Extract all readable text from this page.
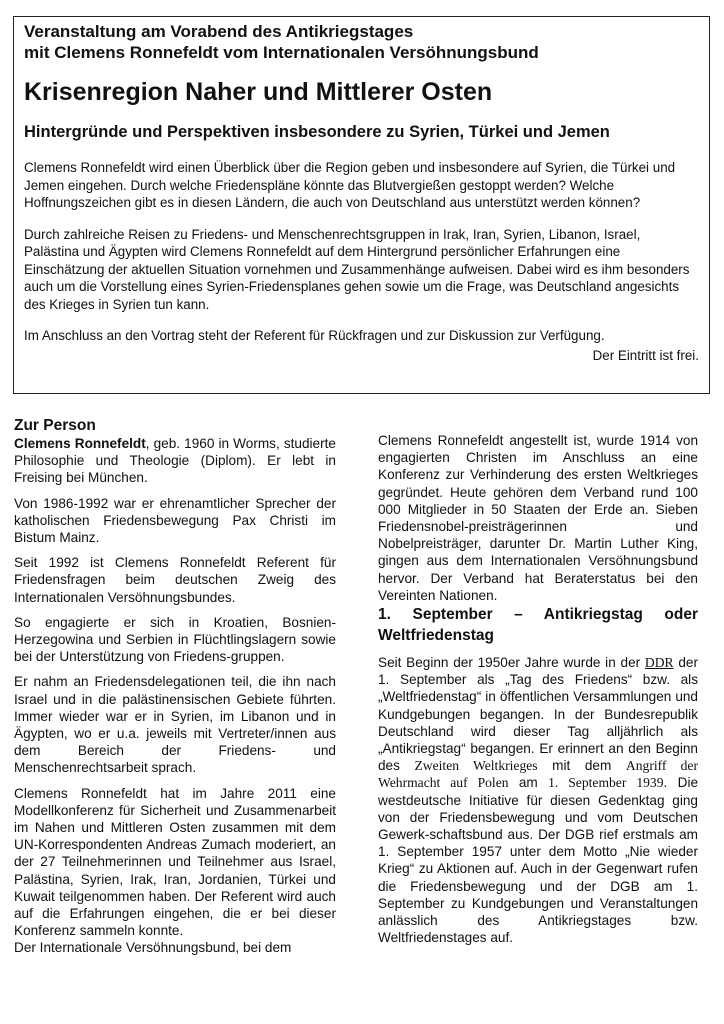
Veranstaltung am Vorabend des Antikriegstages

mit Clemens Ronnefeldt vom Internationalen Versöhnungsbund

Krisenregion Naher und Mittlerer Osten

Hintergründe und Perspektiven insbesondere zu Syrien, Türkei und Jemen

Clemens Ronnefeldt wird einen Überblick über die Region geben und insbesondere auf Syrien, die Türkei und Jemen eingehen. Durch welche Friedenspläne könnte das Blutvergießen gestoppt werden? Welche Hoffnungszeichen gibt es in diesen Ländern, die auch von Deutschland aus unterstützt werden können?

Durch zahlreiche Reisen zu Friedens- und Menschenrechtsgruppen in Irak, Iran, Syrien, Libanon, Israel, Palästina und Ägypten wird Clemens Ronnefeldt auf dem Hintergrund persönlicher Erfahrungen eine Einschätzung der aktuellen Situation vornehmen und Zusammenhänge aufweisen. Dabei wird es ihm besonders auch um die Vorstellung eines Syrien-Friedensplanes gehen sowie um die Frage, was Deutschland angesichts des Krieges in Syrien tun kann.

Im Anschluss an den Vortrag steht der Referent für Rückfragen und zur Diskussion zur Verfügung.

Der Eintritt ist frei.

Zur Person

Clemens Ronnefeldt, geb. 1960 in Worms, studierte Philosophie und Theologie (Diplom). Er lebt in Freising bei München.

Von 1986-1992 war er ehrenamtlicher Sprecher der katholischen Friedensbewegung Pax Christi im Bistum Mainz.

Seit 1992 ist Clemens Ronnefeldt Referent für Friedensfragen beim deutschen Zweig des Internationalen Versöhnungsbundes.

So engagierte er sich in Kroatien, Bosnien-Herzegowina und Serbien in Flüchtlingslagern sowie bei der Unterstützung von Friedens-gruppen.

Er nahm an Friedensdelegationen teil, die ihn nach Israel und in die palästinensischen Gebiete führten. Immer wieder war er in Syrien, im Libanon und in Ägypten, wo er u.a. jeweils mit Vertreter/innen aus dem Bereich der Friedens- und Menschenrechtsarbeit sprach.

Clemens Ronnefeldt hat im Jahre 2011 eine Modellkonferenz für Sicherheit und Zusammenarbeit im Nahen und Mittleren Osten zusammen mit dem UN-Korrespondenten Andreas Zumach moderiert, an der 27 Teilnehmerinnen und Teilnehmer aus Israel, Palästina, Syrien, Irak, Iran, Jordanien, Türkei und Kuwait teilgenommen haben. Der Referent wird auch auf die Erfahrungen eingehen, die er bei dieser Konferenz sammeln konnte.

Der Internationale Versöhnungsbund, bei dem

Clemens Ronnefeldt angestellt ist, wurde 1914 von engagierten Christen im Anschluss an eine Konferenz zur Verhinderung des ersten Weltkrieges gegründet. Heute gehören dem Verband rund 100 000 Mitglieder in 50 Staaten der Erde an. Sieben Friedensnobel-preisträgerinnen und Nobelpreisträger, darunter Dr. Martin Luther King, gingen aus dem Internationalen Versöhnungsbund hervor. Der Verband hat Beraterstatus bei den Vereinten Nationen.

1. September – Antikriegstag oder Weltfriedenstag

Seit Beginn der 1950er Jahre wurde in der DDR der 1. September als „Tag des Friedens“ bzw. als „Weltfriedenstag“ in öffentlichen Versammlungen und Kundgebungen begangen. In der Bundesrepublik Deutschland wird dieser Tag alljährlich als „Antikriegstag“ begangen. Er erinnert an den Beginn des Zweiten Weltkrieges mit dem Angriff der Wehrmacht auf Polen am 1. September 1939. Die westdeutsche Initiative für diesen Gedenktag ging von der Friedensbewegung und vom Deutschen Gewerk-schaftsbund aus. Der DGB rief erstmals am 1. September 1957 unter dem Motto „Nie wieder Krieg“ zu Aktionen auf. Auch in der Gegenwart rufen die Friedensbewegung und der DGB am 1. September zu Kundgebungen und Veranstaltungen anlässlich des Antikriegstages bzw. Weltfriedenstages auf.
